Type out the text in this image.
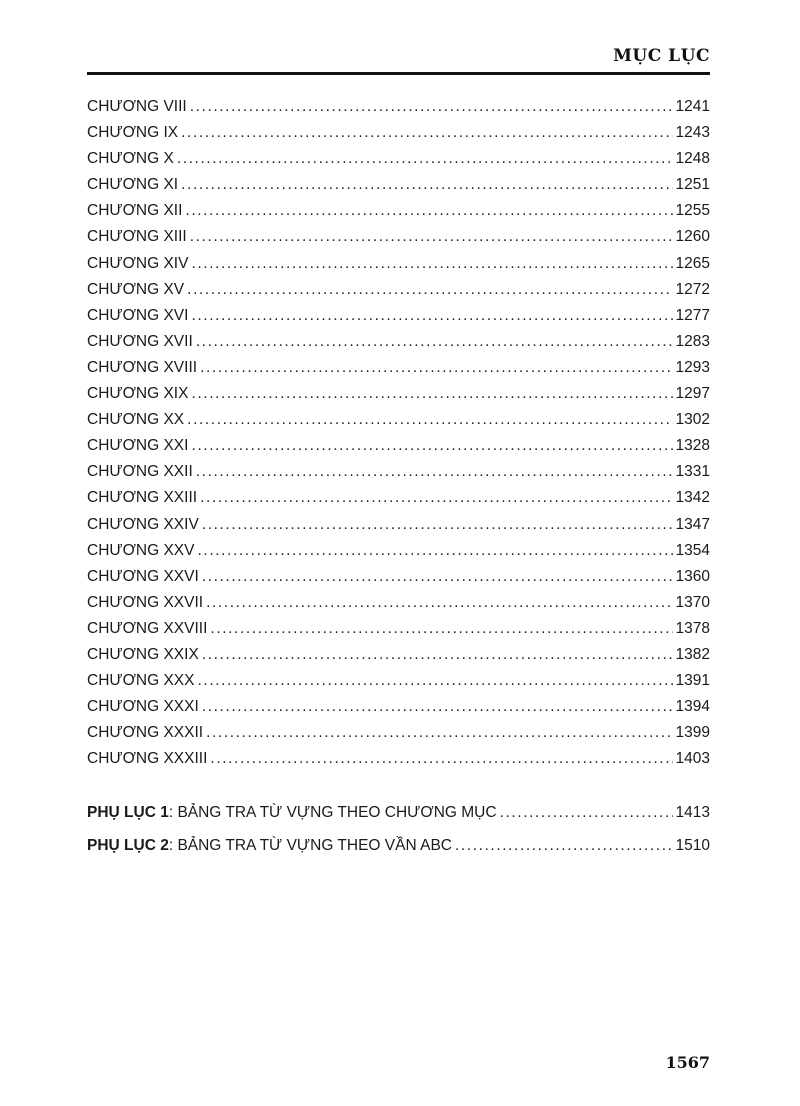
MỤC LỤC
CHƯƠNG VIII .....	1241
CHƯƠNG IX .....	1243
CHƯƠNG X .....	1248
CHƯƠNG XI .....	1251
CHƯƠNG XII .....	1255
CHƯƠNG XIII .....	1260
CHƯƠNG XIV .....	1265
CHƯƠNG XV .....	1272
CHƯƠNG XVI .....	1277
CHƯƠNG XVII .....	1283
CHƯƠNG XVIII .....	1293
CHƯƠNG XIX .....	1297
CHƯƠNG XX .....	1302
CHƯƠNG XXI .....	1328
CHƯƠNG XXII .....	1331
CHƯƠNG XXIII .....	1342
CHƯƠNG XXIV .....	1347
CHƯƠNG XXV .....	1354
CHƯƠNG XXVI .....	1360
CHƯƠNG XXVII .....	1370
CHƯƠNG XXVIII .....	1378
CHƯƠNG XXIX .....	1382
CHƯƠNG XXX .....	1391
CHƯƠNG XXXI .....	1394
CHƯƠNG XXXII .....	1399
CHƯƠNG XXXIII .....	1403
PHỤ LỤC 1: BẢNG TRA TỪ VỰNG THEO CHƯƠNG MỤC .....	1413
PHỤ LỤC 2: BẢNG TRA TỪ VỰNG THEO VẦN ABC .....	1510
1567
